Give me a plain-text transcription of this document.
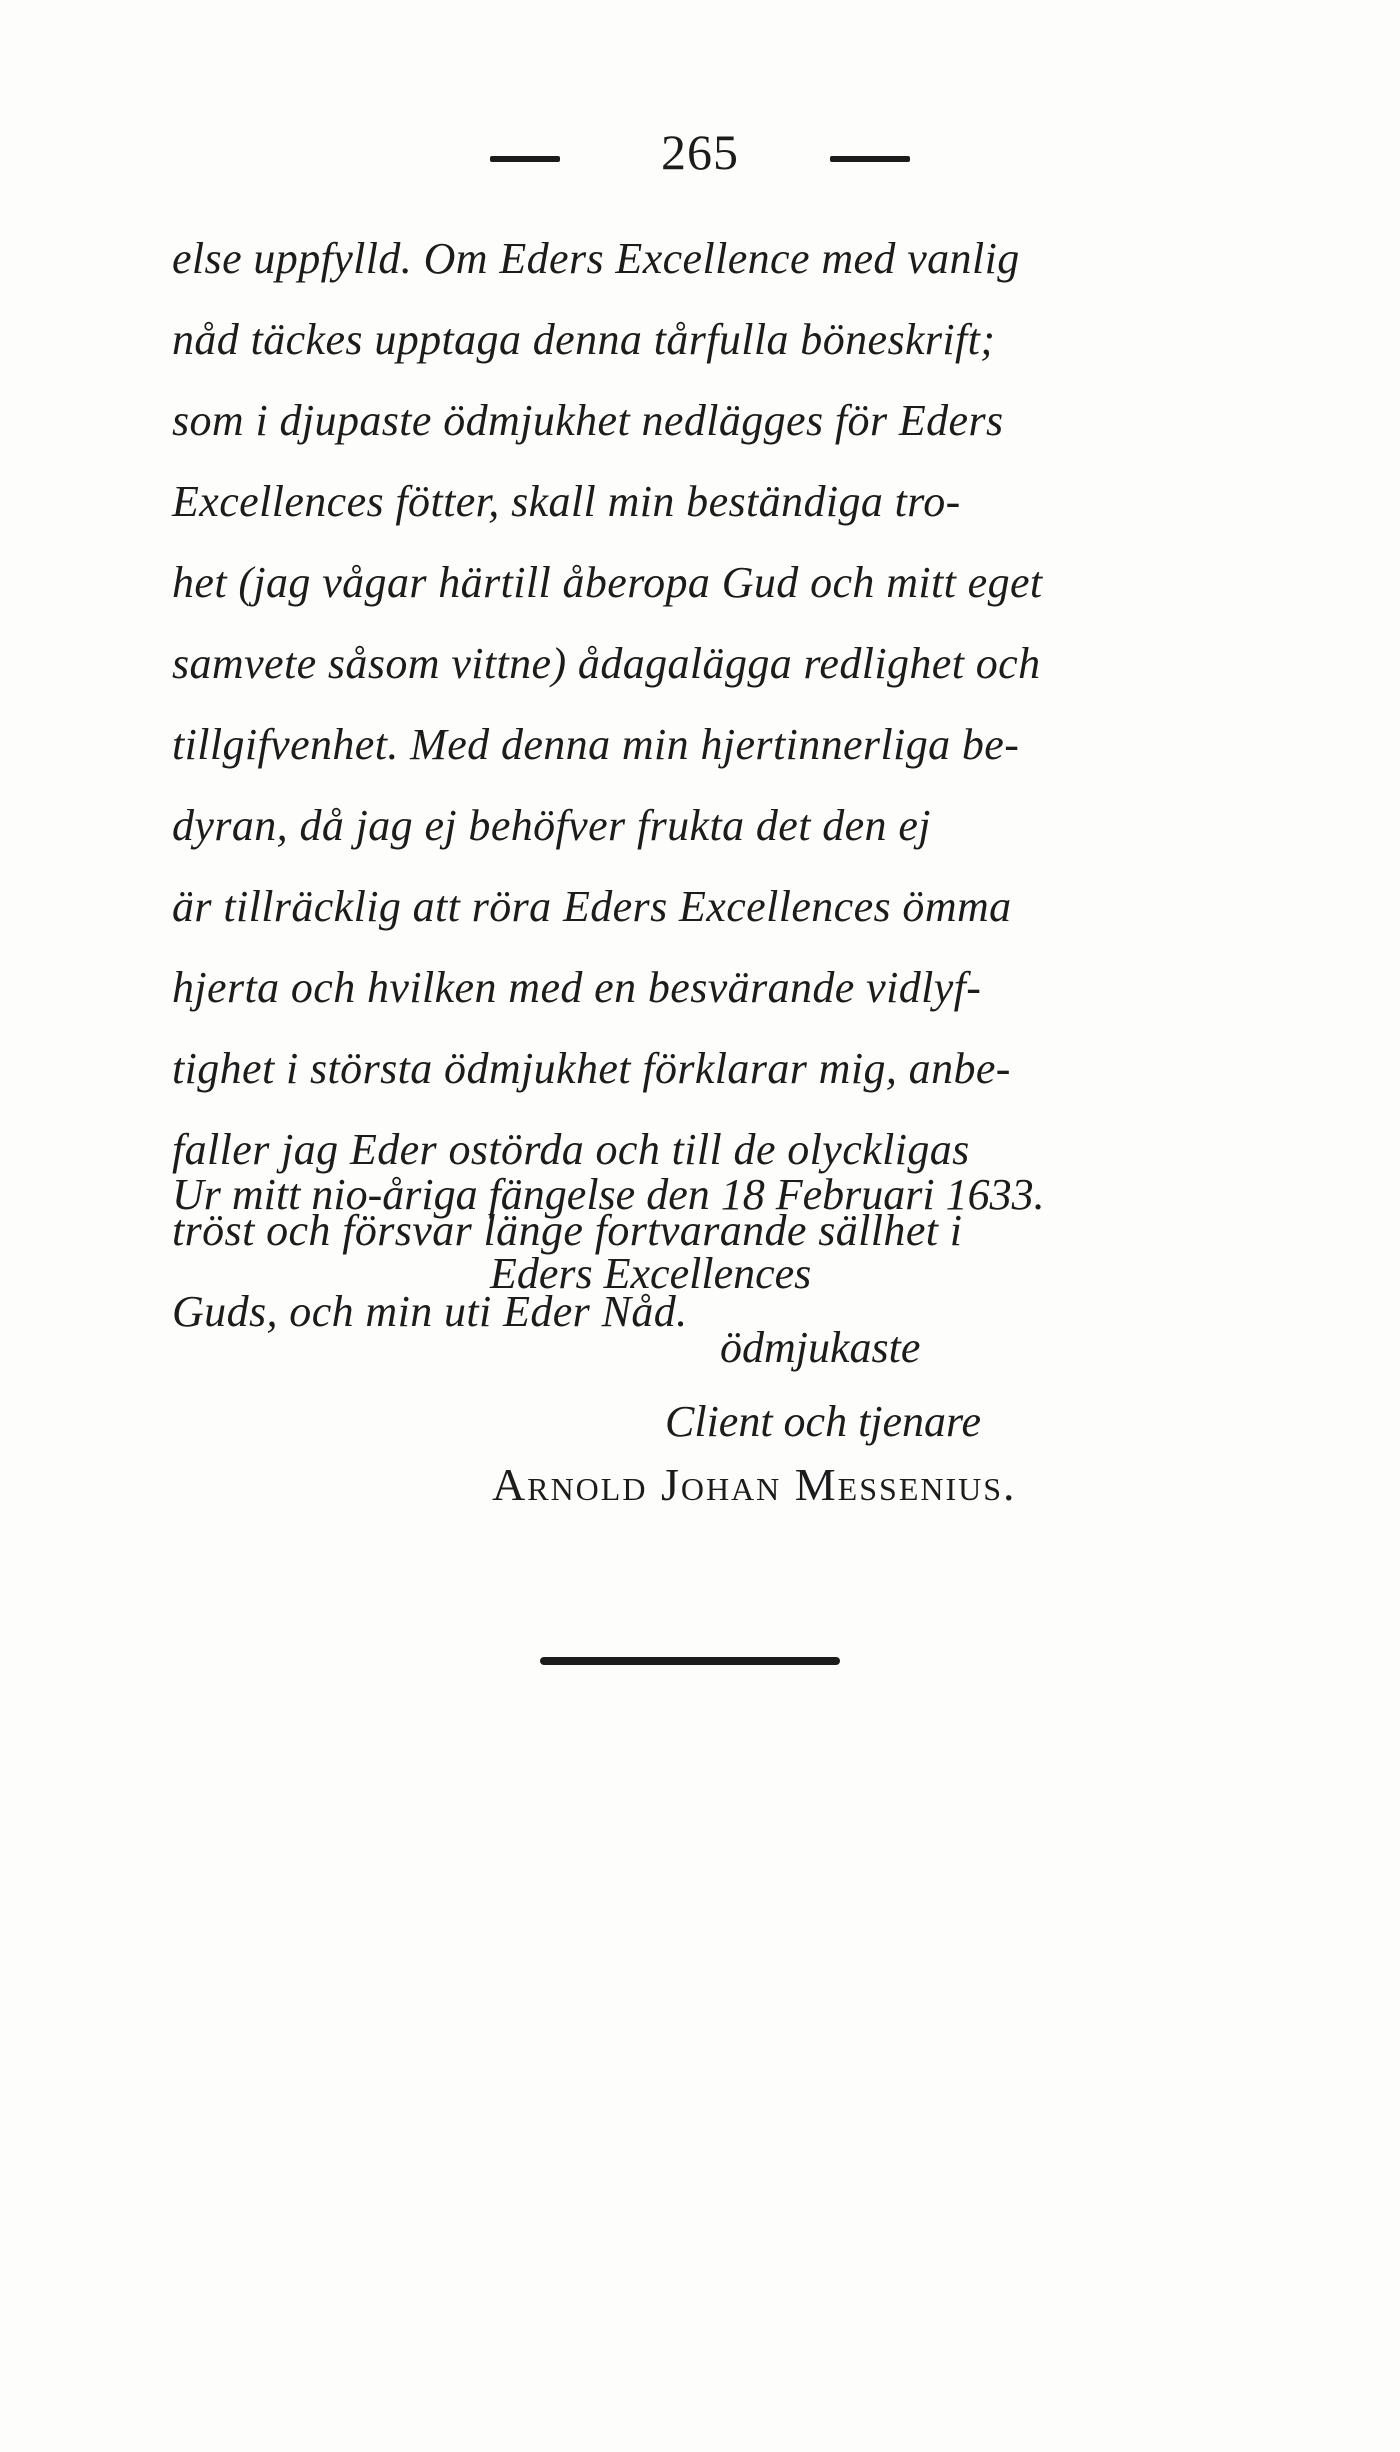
265

else uppfylld. Om Eders Excellence med vanlig
nåd täckes upptaga denna tårfulla böneskrift;
som i djupaste ödmjukhet nedlägges för Eders
Excellences fötter, skall min beständiga tro-
het (jag vågar härtill åberopa Gud och mitt eget
samvete såsom vittne) ådagalägga redlighet och
tillgifvenhet. Med denna min hjertinnerliga be-
dyran, då jag ej behöfver frukta det den ej
är tillräcklig att röra Eders Excellences ömma
hjerta och hvilken med en besvärande vidlyf-
tighet i största ödmjukhet förklarar mig, anbe-
faller jag Eder ostörda och till de olyckligas
tröst och försvar länge fortvarande sällhet i
Guds, och min uti Eder Nåd.

Ur mitt nio-åriga fängelse den 18 Februari 1633.
Eders Excellences
ödmjukaste
Client och tjenare
Arnold Johan Messenius.
